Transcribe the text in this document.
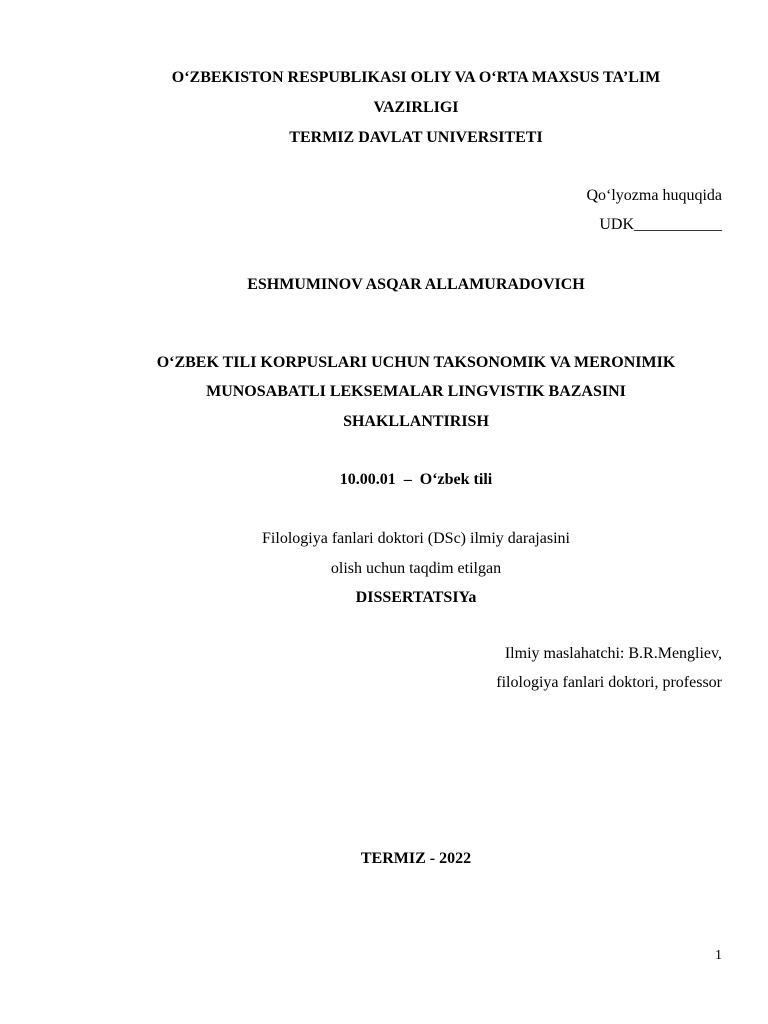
O‘ZBEKISTON RESPUBLIKASI OLIY VA O‘RTA MAXSUS TA’LIM
VAZIRLIGI
TERMIZ DAVLAT UNIVERSITETI
Qo‘lyozma huquqida
UDK___________
ESHMUMINOV ASQAR ALLAMURADOVICH
O‘ZBEK TILI KORPUSLARI UCHUN TAKSONOMIK VA MERONIMIK
MUNOSABATLI LEKSEMALAR LINGVISTIK BAZASINI
SHAKLLANTIRISH
10.00.01  –  O‘zbek tili
Filologiya fanlari doktori (DSc) ilmiy darajasini
olish uchun taqdim etilgan
DISSERTATSIYa
Ilmiy maslahatchi: B.R.Mengliev,
filologiya fanlari doktori, professor
TERMIZ - 2022
1
